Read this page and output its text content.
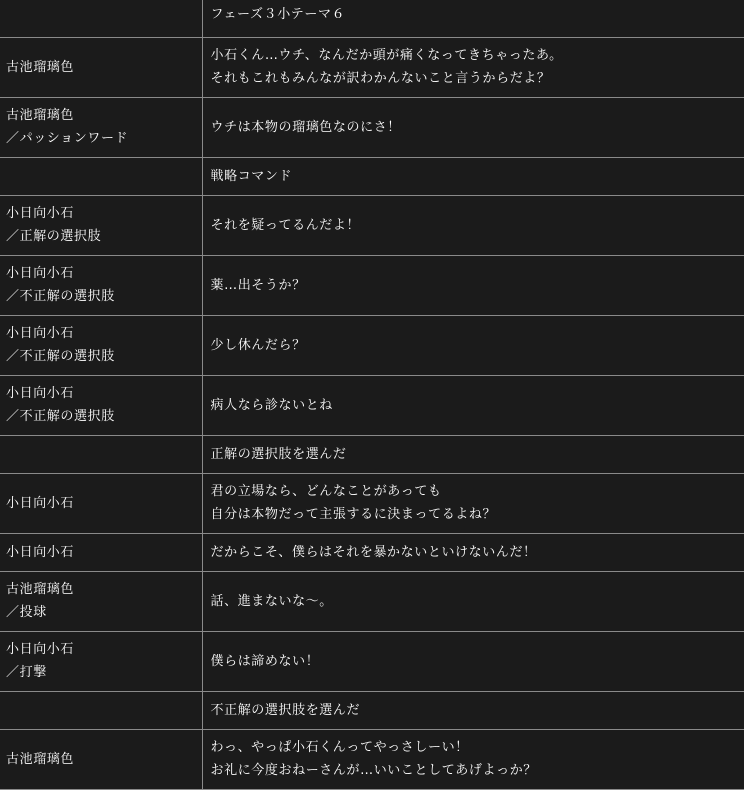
	フェーズ３小テーマ６

古池瑠璃色	小石くん…ウチ、なんだか頭が痛くなってきちゃったあ。
それもこれもみんなが訳わかんないこと言うからだよ？

古池瑠璃色
／パッションワード	ウチは本物の瑠璃色なのにさ！

	戦略コマンド

小日向小石
／正解の選択肢	それを疑ってるんだよ！

小日向小石
／不正解の選択肢	薬…出そうか？

小日向小石
／不正解の選択肢	少し休んだら？

小日向小石
／不正解の選択肢	病人なら診ないとね

	正解の選択肢を選んだ

小日向小石	君の立場なら、どんなことがあっても
自分は本物だって主張するに決まってるよね？

小日向小石	だからこそ、僕らはそれを暴かないといけないんだ！

古池瑠璃色
／投球	話、進まないな〜。

小日向小石
／打撃	僕らは諦めない！

	不正解の選択肢を選んだ

古池瑠璃色	わっ、やっぱ小石くんってやっさしーい！
お礼に今度おねーさんが…いいことしてあげよっか？
